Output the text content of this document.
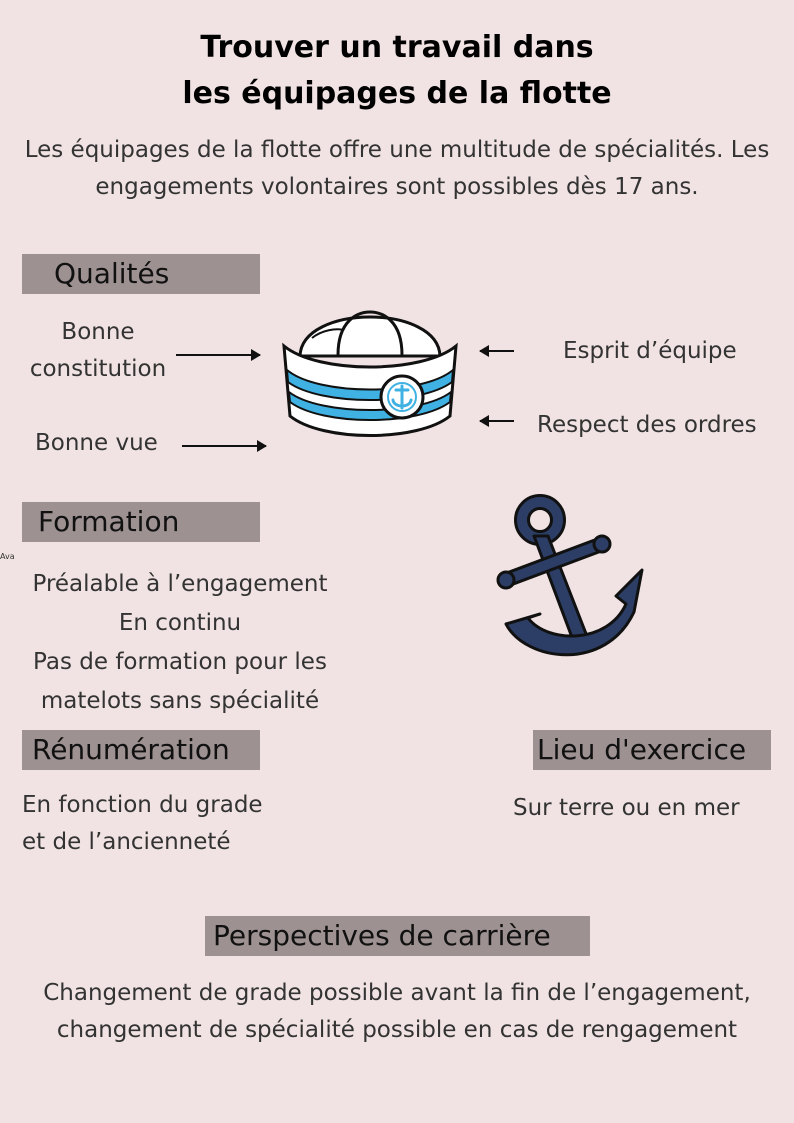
Trouver un travail dans
les équipages de la flotte
Les équipages de la flotte offre une multitude de spécialités. Les
engagements volontaires sont possibles dès 17 ans.
Qualités
Bonne
constitution
Bonne vue
Esprit d’équipe
Respect des ordres
Formation
Ava
Préalable à l’engagement
En continu
Pas de formation pour les
matelots sans spécialité
Rénumération
En fonction du grade
et de l’ancienneté
Lieu d'exercice
Sur terre ou en mer
Perspectives de carrière
Changement de grade possible avant la fin de l’engagement,
changement de spécialité possible en cas de rengagement
